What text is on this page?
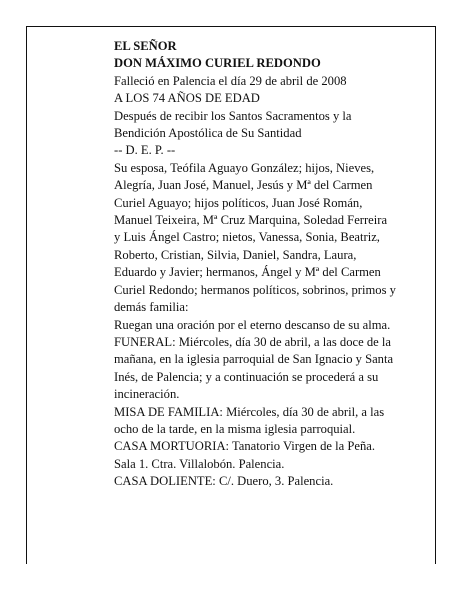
EL SEÑOR
DON MÁXIMO CURIEL REDONDO
Falleció en Palencia el día 29 de abril de 2008
A LOS 74 AÑOS DE EDAD
Después de recibir los Santos Sacramentos y la
Bendición Apostólica de Su Santidad
-- D. E. P. --
Su esposa, Teófila Aguayo González; hijos, Nieves,
Alegría, Juan José, Manuel, Jesús y Mª del Carmen
Curiel Aguayo; hijos políticos, Juan José Román,
Manuel Teixeira, Mª Cruz Marquina, Soledad Ferreira
y Luis Ángel Castro; nietos, Vanessa, Sonia, Beatriz,
Roberto, Cristian, Silvia, Daniel, Sandra, Laura,
Eduardo y Javier; hermanos, Ángel y Mª del Carmen
Curiel Redondo; hermanos políticos, sobrinos, primos y
demás familia:
Ruegan una oración por el eterno descanso de su alma.
FUNERAL: Miércoles, día 30 de abril, a las doce de la
mañana, en la iglesia parroquial de San Ignacio y Santa
Inés, de Palencia; y a continuación se procederá a su
incineración.
MISA DE FAMILIA: Miércoles, día 30 de abril, a las
ocho de la tarde, en la misma iglesia parroquial.
CASA MORTUORIA: Tanatorio Virgen de la Peña.
Sala 1. Ctra. Villalobón. Palencia.
CASA DOLIENTE: C/. Duero, 3. Palencia.
